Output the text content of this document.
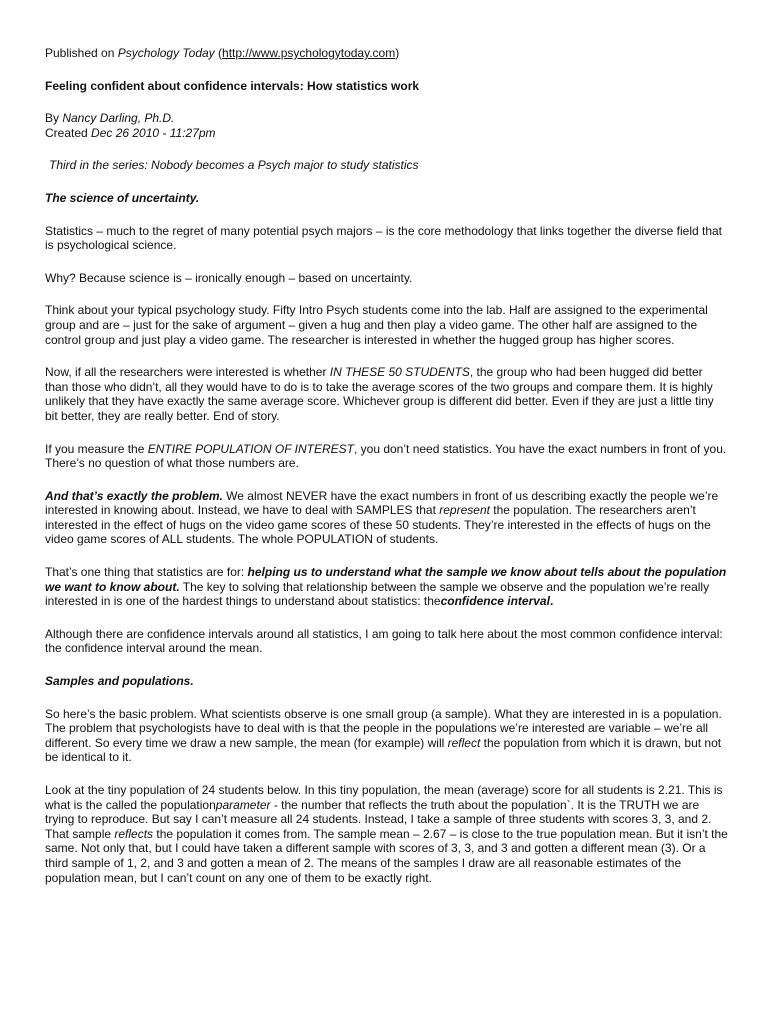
Published on Psychology Today (http://www.psychologytoday.com)

Feeling confident about confidence intervals: How statistics work

By Nancy Darling, Ph.D.
Created Dec 26 2010 - 11:27pm

Third in the series: Nobody becomes a Psych major to study statistics

The science of uncertainty.

Statistics – much to the regret of many potential psych majors – is the core methodology that links together the diverse field that is psychological science.

Why? Because science is – ironically enough – based on uncertainty.

Think about your typical psychology study. Fifty Intro Psych students come into the lab. Half are assigned to the experimental group and are – just for the sake of argument – given a hug and then play a video game. The other half are assigned to the control group and just play a video game. The researcher is interested in whether the hugged group has higher scores.

Now, if all the researchers were interested is whether IN THESE 50 STUDENTS, the group who had been hugged did better than those who didn’t, all they would have to do is to take the average scores of the two groups and compare them. It is highly unlikely that they have exactly the same average score. Whichever group is different did better. Even if they are just a little tiny bit better, they are really better. End of story.

If you measure the ENTIRE POPULATION OF INTEREST, you don’t need statistics. You have the exact numbers in front of you. There’s no question of what those numbers are.

And that’s exactly the problem. We almost NEVER have the exact numbers in front of us describing exactly the people we’re interested in knowing about. Instead, we have to deal with SAMPLES that represent the population. The researchers aren’t interested in the effect of hugs on the video game scores of these 50 students. They’re interested in the effects of hugs on the video game scores of ALL students. The whole POPULATION of students.

That’s one thing that statistics are for: helping us to understand what the sample we know about tells about the population we want to know about. The key to solving that relationship between the sample we observe and the population we’re really interested in is one of the hardest things to understand about statistics: theconfidence interval.

Although there are confidence intervals around all statistics, I am going to talk here about the most common confidence interval: the confidence interval around the mean.

Samples and populations.

So here’s the basic problem. What scientists observe is one small group (a sample). What they are interested in is a population. The problem that psychologists have to deal with is that the people in the populations we’re interested are variable – we’re all different. So every time we draw a new sample, the mean (for example) will reflect the population from which it is drawn, but not be identical to it.

Look at the tiny population of 24 students below. In this tiny population, the mean (average) score for all students is 2.21. This is what is the called the populationparameter - the number that reflects the truth about the population`. It is the TRUTH we are trying to reproduce. But say I can’t measure all 24 students. Instead, I take a sample of three students with scores 3, 3, and 2. That sample reflects the population it comes from. The sample mean – 2.67 – is close to the true population mean. But it isn’t the same. Not only that, but I could have taken a different sample with scores of 3, 3, and 3 and gotten a different mean (3). Or a third sample of 1, 2, and 3 and gotten a mean of 2. The means of the samples I draw are all reasonable estimates of the population mean, but I can’t count on any one of them to be exactly right.
